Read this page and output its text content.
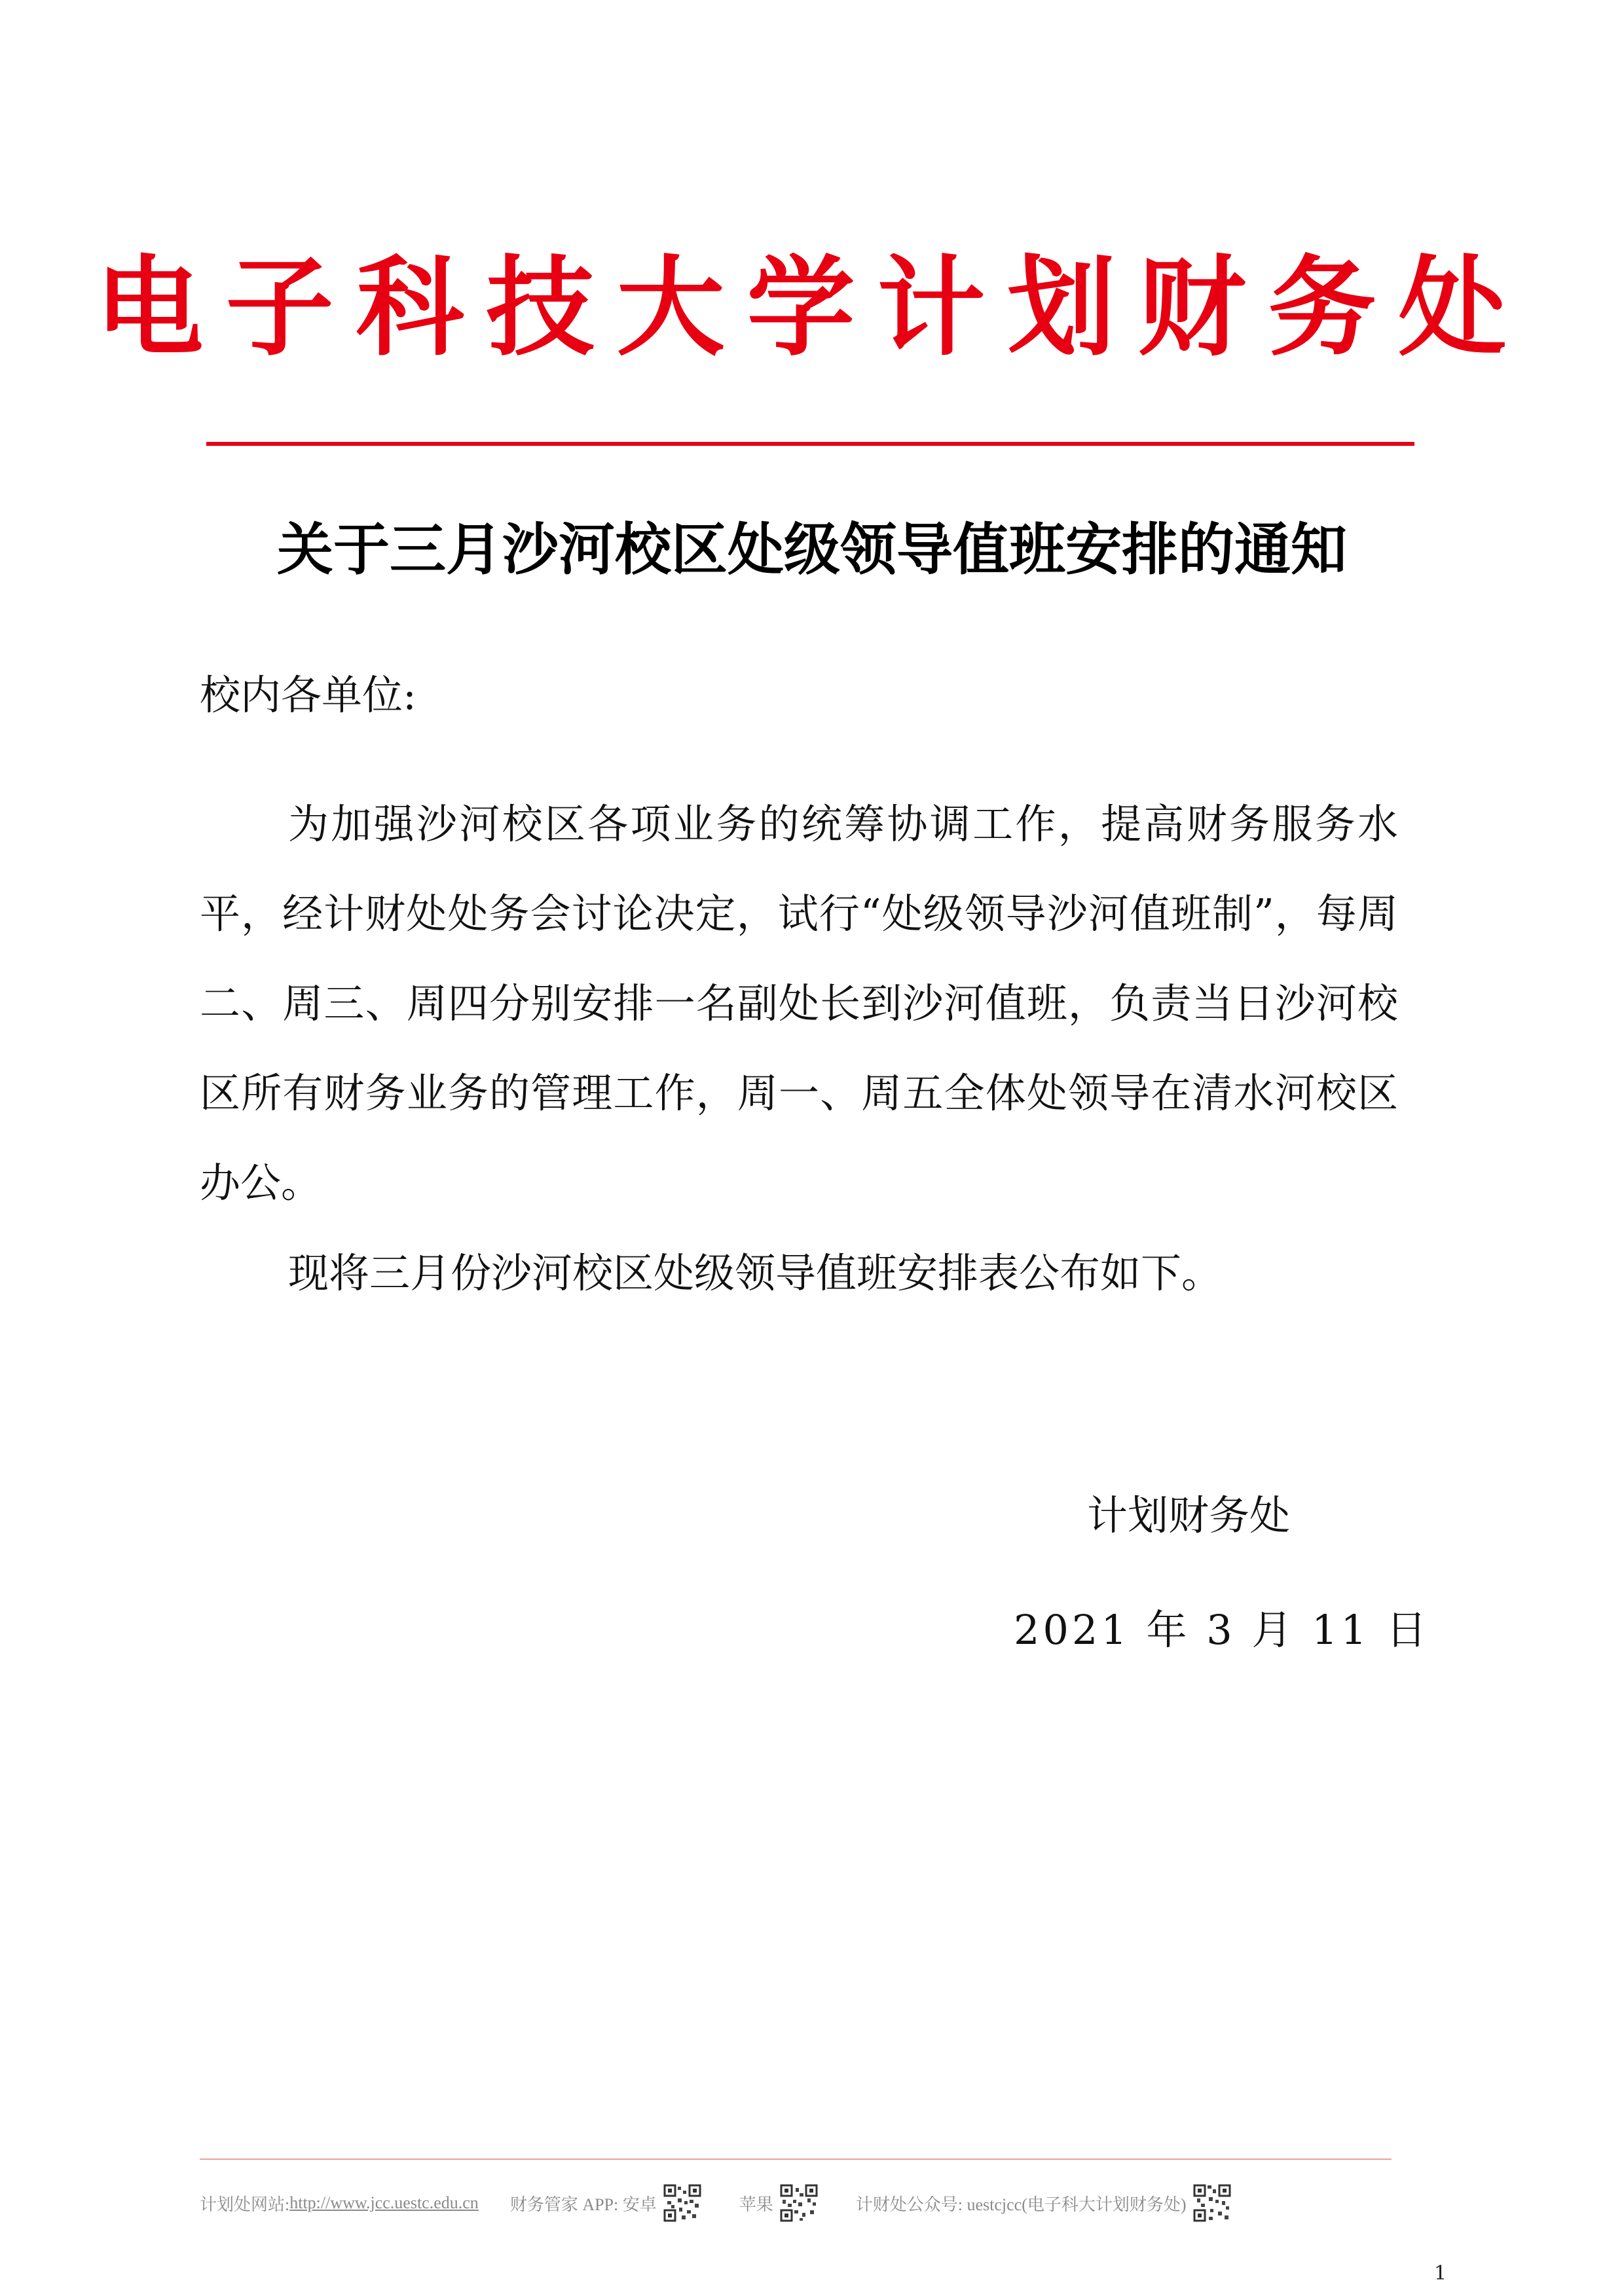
电子科技大学计划财务处
关于三月沙河校区处级领导值班安排的通知
校内各单位:
为加强沙河校区各项业务的统筹协调工作，提高财务服务水平，经计财处处务会讨论决定，试行“处级领导沙河值班制”，每周二、周三、周四分别安排一名副处长到沙河值班，负责当日沙河校区所有财务业务的管理工作，周一、周五全体处领导在清水河校区办公。
现将三月份沙河校区处级领导值班安排表公布如下。
计划财务处
2021 年 3 月 11 日
计划处网站: http://www.jcc.uestc.edu.cn 财务管家 APP: 安卓	苹果	计财处公众号: uestcjcc(电子科大计划财务处)
1
